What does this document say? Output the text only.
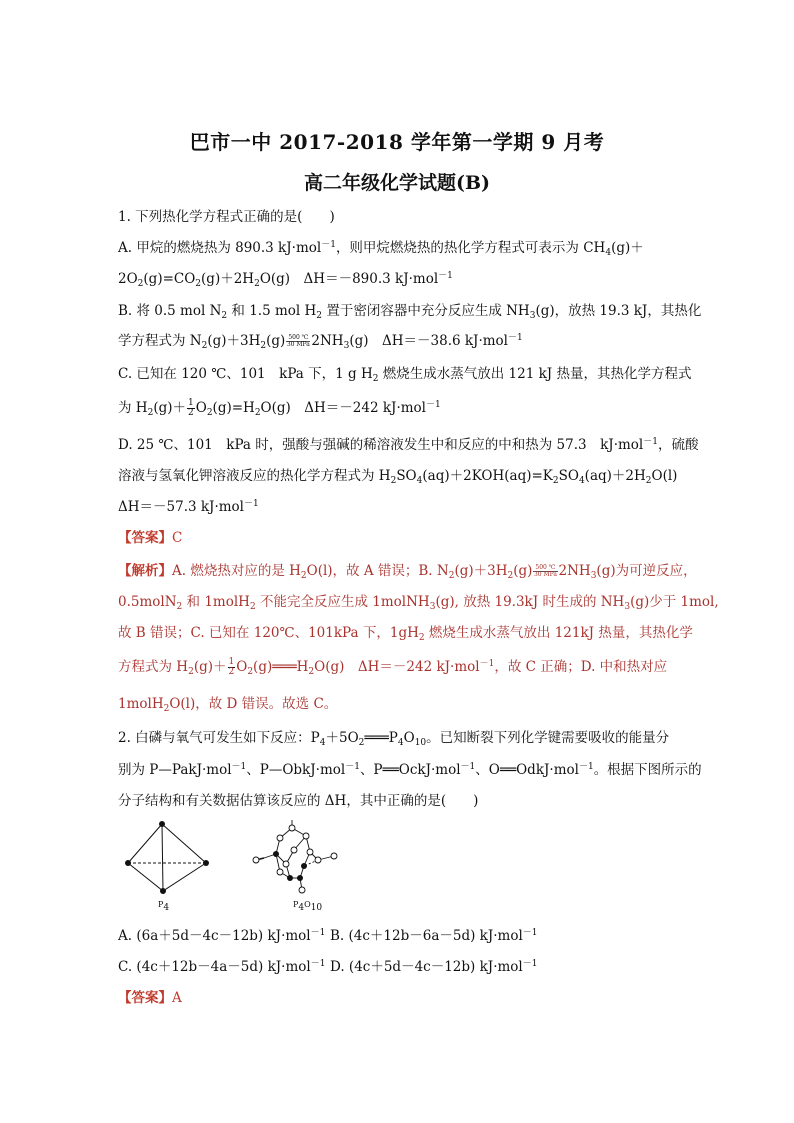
巴市一中 2017-2018 学年第一学期 9 月考
高二年级化学试题(B)
1. 下列热化学方程式正确的是(　　)
A. 甲烷的燃烧热为 890.3 kJ·mol$^{-1}$，则甲烷燃烧热的热化学方程式可表示为 $CH_4(g)+$
$2O_2(g)=CO_2(g)+2H_2O(g)$　ΔH＝－890.3 kJ·mol$^{-1}$
B. 将 0.5 mol $N_2$ 和 1.5 mol $H_2$ 置于密闭容器中充分反应生成 $NH_3(g)$，放热 19.3 kJ，其热化
学方程式为 $N_2(g)+3H_2(g)$ 500 ℃
30 MPa $2NH_3(g)$　ΔH＝－38.6 kJ·mol$^{-1}$
C. 已知在 120 ℃、101　kPa 下，1 g $H_2$ 燃烧生成水蒸气放出 121 kJ 热量，其热化学方程式
为 $H_2(g)+ \frac{1}{2} O_2(g)=H_2O(g)$　ΔH＝－242 kJ·mol$^{-1}$
D. 25 ℃、101　kPa 时，强酸与强碱的稀溶液发生中和反应的中和热为 57.3　kJ·mol$^{-1}$，硫酸
溶液与氢氧化钾溶液反应的热化学方程式为 $H_2SO_4(aq)+2KOH(aq)=K_2SO_4(aq)+2H_2O(l)$
ΔH＝－57.3 kJ·mol$^{-1}$
【答案】C
【解析】A. 燃烧热对应的是 $H_2O(l)$，故 A 错误；B. $N_2(g)+3H_2(g)$ 500 ℃
30 MPa $2NH_3(g)$为可逆反应，
0.5molN$_2$ 和 1molH$_2$ 不能完全反应生成 1molNH$_3$(g), 放热 19.3kJ 时生成的 $NH_3(g)$少于 1mol,
故 B 错误；C. 已知在 120℃、101kPa 下，$1gH_2$ 燃烧生成水蒸气放出 121kJ 热量，其热化学
方程式为 $H_2(g)+ \frac{1}{2}$ $O_2(g)═══H_2O(g)$　ΔH＝－242 kJ·mol$^{-1}$，故 C 正确；D. 中和热对应
1molH$_2$O(l)，故 D 错误。故选 C。
2. 白磷与氧气可发生如下反应：$P_4+5O_2═══P_4O_{10}$。已知断裂下列化学键需要吸收的能量分
别为 P—PakJ·mol$^{-1}$、P—ObkJ·mol$^{-1}$、P══OckJ·mol$^{-1}$、O══OdkJ·mol$^{-1}$。根据下图所示的
分子结构和有关数据估算该反应的 ΔH，其中正确的是(　　)
$P_4$	$P_4O_{10}$
A. (6a＋5d－4c－12b) kJ·mol$^{-1}$ B. (4c＋12b－6a－5d) kJ·mol$^{-1}$
C. (4c＋12b－4a－5d) kJ·mol$^{-1}$ D. (4c＋5d－4c－12b) kJ·mol$^{-1}$
【答案】A
